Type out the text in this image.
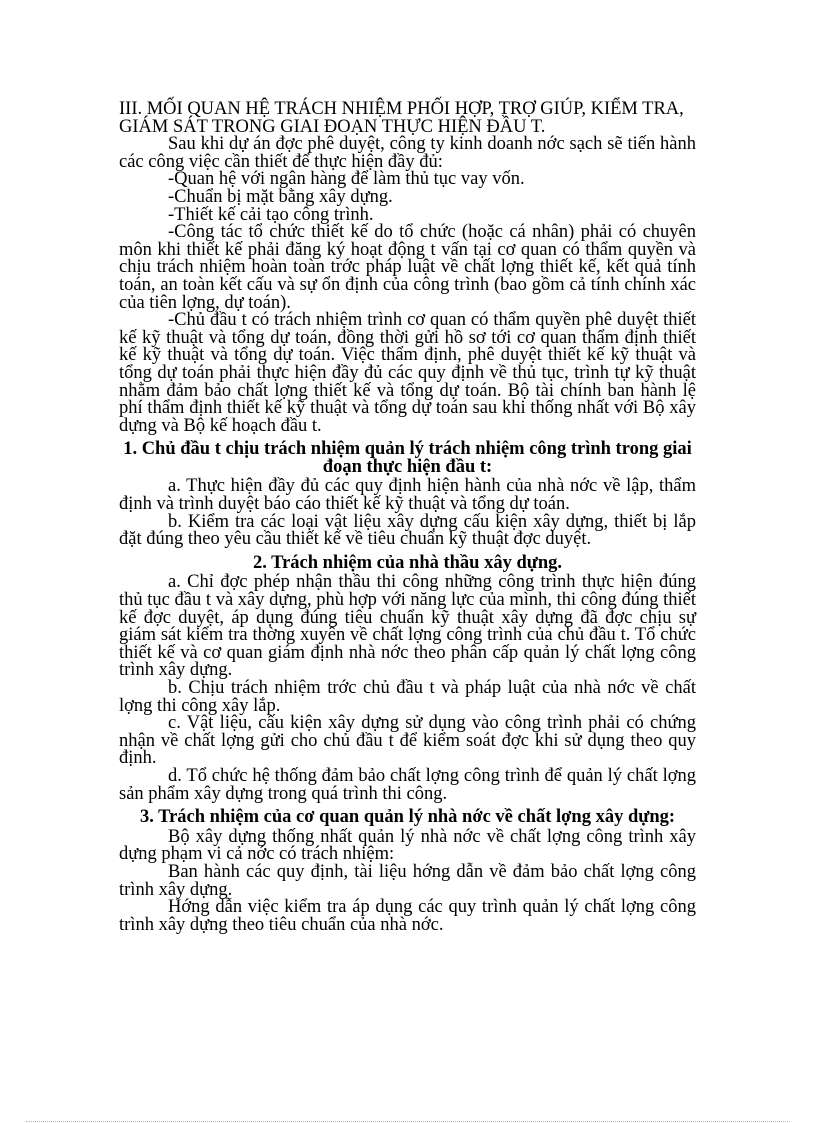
III. MỐI QUAN HỆ TRÁCH NHIỆM PHỐI HỢP, TRỢ GIÚP, KIỂM TRA, GIÁM SÁT TRONG GIAI ĐOẠN THỰC HIỆN ĐẦU T.

Sau khi dự án đợc phê duyệt, công ty kinh doanh nớc sạch sẽ tiến hành các công việc cần thiết để thực hiện đầy đủ:

-Quan hệ với ngân hàng để làm thủ tục vay vốn.

-Chuẩn bị mặt bằng xây dựng.

-Thiết kế cải tạo công trình.

-Công tác tổ chức thiết kế do tổ chức (hoặc cá nhân) phải có chuyên môn khi thiết kế phải đăng ký hoạt động t vấn tại cơ quan có thẩm quyền và chịu trách nhiệm hoàn toàn trớc pháp luật về chất lợng thiết kế, kết quả tính toán, an toàn kết cấu và sự ổn định của công trình (bao gồm cả tính chính xác của tiên lợng, dự toán).

-Chủ đầu t có trách nhiệm trình cơ quan có thẩm quyền phê duyệt thiết kế kỹ thuật và tổng dự toán, đồng thời gửi hồ sơ tới cơ quan thẩm định thiết kế kỹ thuật và tổng dự toán. Việc thẩm định, phê duyệt thiết kế kỹ thuật và tổng dự toán phải thực hiện đầy đủ các quy định về thủ tục, trình tự kỹ thuật nhằm đảm bảo chất lợng thiết kế và tổng dự toán. Bộ tài chính ban hành lệ phí thẩm định thiết kế kỹ thuật và tổng dự toán sau khi thống nhất với Bộ xây dựng và Bộ kế hoạch đầu t.

1. Chủ đầu t chịu trách nhiệm quản lý trách nhiệm công trình trong giai đoạn thực hiện đầu t:

a. Thực hiện đầy đủ các quy định hiện hành của nhà nớc về lập, thẩm định và trình duyệt báo cáo thiết kế kỹ thuật và tổng dự toán.

b. Kiểm tra các loại vật liệu xây dựng cấu kiện xây dựng, thiết bị lắp đặt đúng theo yêu cầu thiết kế về tiêu chuẩn kỹ thuật đợc duyệt.

2. Trách nhiệm của nhà thầu xây dựng.

a. Chỉ đợc phép nhận thầu thi công những công trình thực hiện đúng thủ tục đầu t và xây dựng, phù hợp với năng lực của mình, thi công đúng thiết kế đợc duyệt, áp dụng đúng tiêu chuẩn kỹ thuật xây dựng đã đợc chịu sự giám sát kiểm tra thờng xuyên về chất lợng công trình của chủ đầu t. Tổ chức thiết kế và cơ quan giám định nhà nớc theo phân cấp quản lý chất lợng công trình xây dựng.

b. Chịu trách nhiệm trớc chủ đầu t và pháp luật của nhà nớc về chất lợng thi công xây lắp.

c. Vật liệu, cấu kiện xây dựng sử dụng vào công trình phải có chứng nhận về chất lợng gửi cho chủ đầu t để kiểm soát đợc khi sử dụng theo quy định.

d. Tổ chức hệ thống đảm bảo chất lợng công trình để quản lý chất lợng sản phẩm xây dựng trong quá trình thi công.

3. Trách nhiệm của cơ quan quản lý nhà nớc về chất lợng xây dựng:

Bộ xây dựng thống nhất quản lý nhà nớc về chất lợng công trình xây dựng phạm vi cả nớc có trách nhiệm:

Ban hành các quy định, tài liệu hớng dẫn về đảm bảo chất lợng công trình xây dựng.

Hớng dẫn việc kiểm tra áp dụng các quy trình quản lý chất lợng công trình xây dựng theo tiêu chuẩn của nhà nớc.
